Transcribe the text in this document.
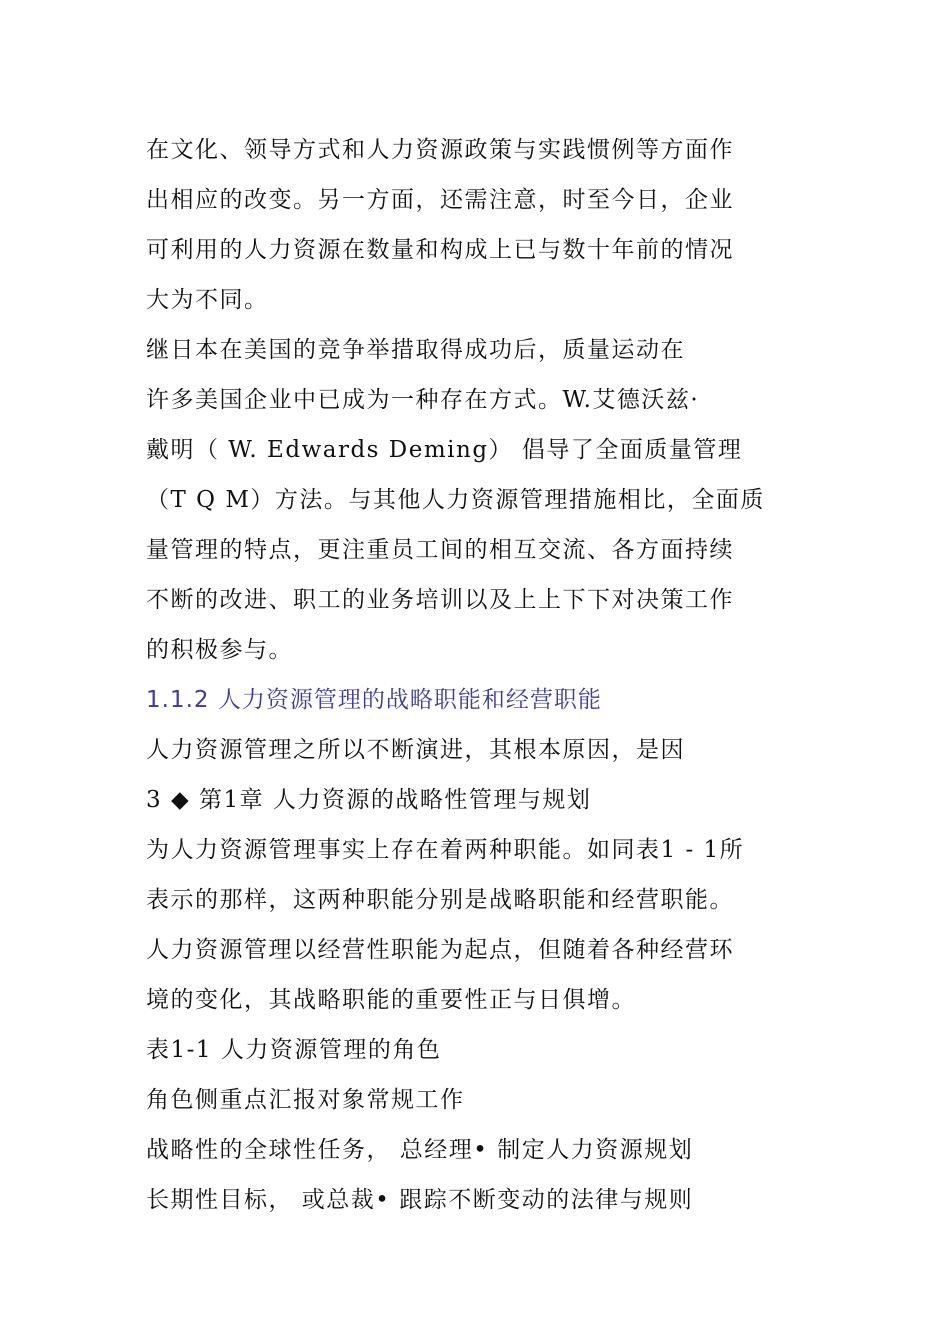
在文化、领导方式和人力资源政策与实践惯例等方面作
出相应的改变。另一方面，还需注意，时至今日，企业
可利用的人力资源在数量和构成上已与数十年前的情况
大为不同。
继日本在美国的竞争举措取得成功后，质量运动在
许多美国企业中已成为一种存在方式。W.艾德沃兹·
戴明（ W. Edwards Deming） 倡导了全面质量管理
（T Q M）方法。与其他人力资源管理措施相比，全面质
量管理的特点，更注重员工间的相互交流、各方面持续
不断的改进、职工的业务培训以及上上下下对决策工作
的积极参与。
1.1.2 人力资源管理的战略职能和经营职能
人力资源管理之所以不断演进，其根本原因，是因
3 ◆ 第1章 人力资源的战略性管理与规划
为人力资源管理事实上存在着两种职能。如同表1 - 1所
表示的那样，这两种职能分别是战略职能和经营职能。
人力资源管理以经营性职能为起点，但随着各种经营环
境的变化，其战略职能的重要性正与日俱增。
表1-1 人力资源管理的角色
角色侧重点汇报对象常规工作
战略性的全球性任务， 总经理• 制定人力资源规划
长期性目标， 或总裁• 跟踪不断变动的法律与规则
